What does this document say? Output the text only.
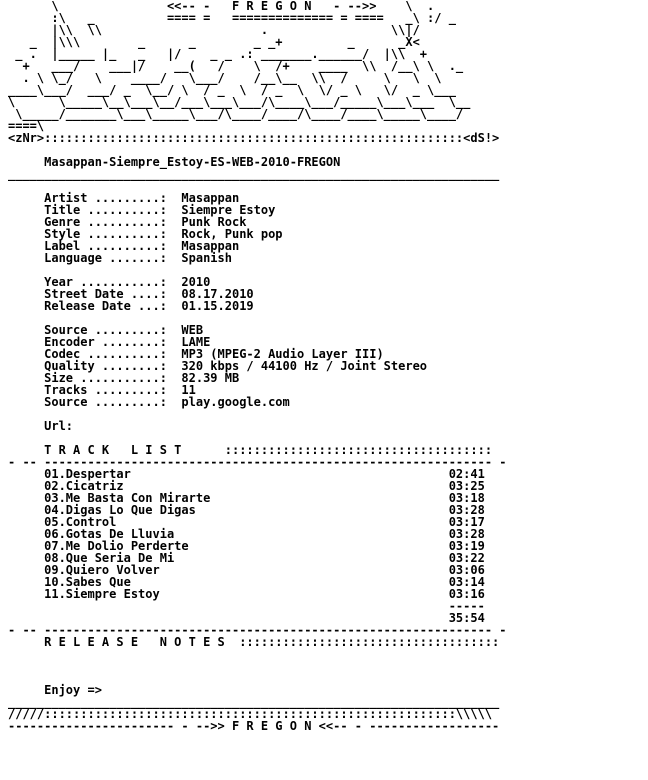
\               <<-- -   F R E G O N   - -->>    \  .
:\   _          ==== =   ============== = ====   _\ :/ _
|\\  \\                      .                 \\|/
_  |\\\        _      _        _ _+         _      _X<
_ .  |_____ |_   _   |/    _ _ .: _______.______/  |\\  +
+   ___/    ___|/    __(   /    \  /+    ____  \\  /__\ \  ._
. \ \_/   \    ____/   \___/    /__\__  \\  /     \   \  \
____\___/  ___/ _  \__/ \  / _  \  / _  \  \/ _ \   \/  _ \___
\      \_____\__\___\__/___\___\___/\____\___/_____\___\___  \__
\_____/_______\___\_____\___/\____/____/\____/____\_____\____/
====\
<zNr>::::::::::::::::::::::::::::::::::::::::::::::::::::::::::<dS!>
Masappan-Siempre_Estoy-ES-WEB-2010-FREGON
____________________________________________________________________
Artist .........:  Masappan
Title ..........:  Siempre Estoy
Genre ..........:  Punk Rock
Style ..........:  Rock, Punk pop
Label ..........:  Masappan
Language .......:  Spanish
Year ...........:  2010
Street Date ....:  08.17.2010
Release Date ...:  01.15.2019
Source .........:  WEB
Encoder ........:  LAME
Codec ..........:  MP3 (MPEG-2 Audio Layer III)
Quality ........:  320 kbps / 44100 Hz / Joint Stereo
Size ...........:  82.39 MB
Tracks .........:  11
Source .........:  play.google.com
Url:
T R A C K   L I S T      :::::::::::::::::::::::::::::::::::::
- -- -------------------------------------------------------------- -
01.Despertar                                            02:41
02.Cicatriz                                             03:25
03.Me Basta Con Mirarte                                 03:18
04.Digas Lo Que Digas                                   03:28
05.Control                                              03:17
06.Gotas De Lluvia                                      03:28
07.Me Dolio Perderte                                    03:19
08.Que Seria De Mi                                      03:22
09.Quiero Volver                                        03:06
10.Sabes Que                                            03:14
11.Siempre Estoy                                        03:16
-----
35:54
- -- -------------------------------------------------------------- -
R E L E A S E   N O T E S  ::::::::::::::::::::::::::::::::::::
Enjoy =>
____________________________________________________________________
/////:::::::::::::::::::::::::::::::::::::::::::::::::::::::::\\\\\
----------------------- - -->> F R E G O N <<-- - ------------------
